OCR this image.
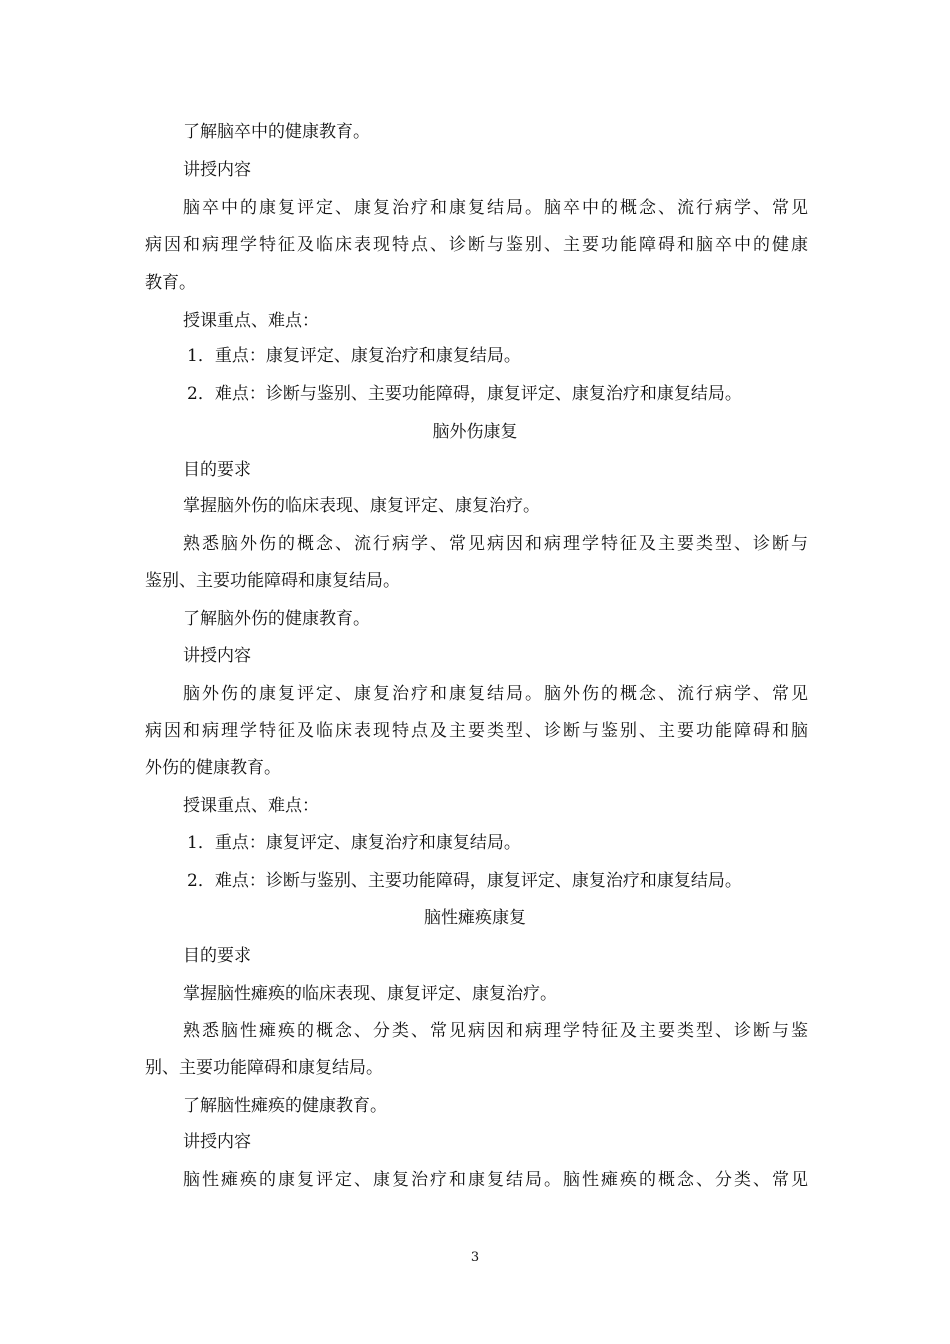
了解脑卒中的健康教育。
讲授内容
脑卒中的康复评定、康复治疗和康复结局。脑卒中的概念、流行病学、常见
病因和病理学特征及临床表现特点、诊断与鉴别、主要功能障碍和脑卒中的健康
教育。
授课重点、难点：
1．重点：康复评定、康复治疗和康复结局。
2．难点：诊断与鉴别、主要功能障碍，康复评定、康复治疗和康复结局。
脑外伤康复
目的要求
掌握脑外伤的临床表现、康复评定、康复治疗。
熟悉脑外伤的概念、流行病学、常见病因和病理学特征及主要类型、诊断与
鉴别、主要功能障碍和康复结局。
了解脑外伤的健康教育。
讲授内容
脑外伤的康复评定、康复治疗和康复结局。脑外伤的概念、流行病学、常见
病因和病理学特征及临床表现特点及主要类型、诊断与鉴别、主要功能障碍和脑
外伤的健康教育。
授课重点、难点：
1．重点：康复评定、康复治疗和康复结局。
2．难点：诊断与鉴别、主要功能障碍，康复评定、康复治疗和康复结局。
脑性瘫痪康复
目的要求
掌握脑性瘫痪的临床表现、康复评定、康复治疗。
熟悉脑性瘫痪的概念、分类、常见病因和病理学特征及主要类型、诊断与鉴
别、主要功能障碍和康复结局。
了解脑性瘫痪的健康教育。
讲授内容
脑性瘫痪的康复评定、康复治疗和康复结局。脑性瘫痪的概念、分类、常见
3
